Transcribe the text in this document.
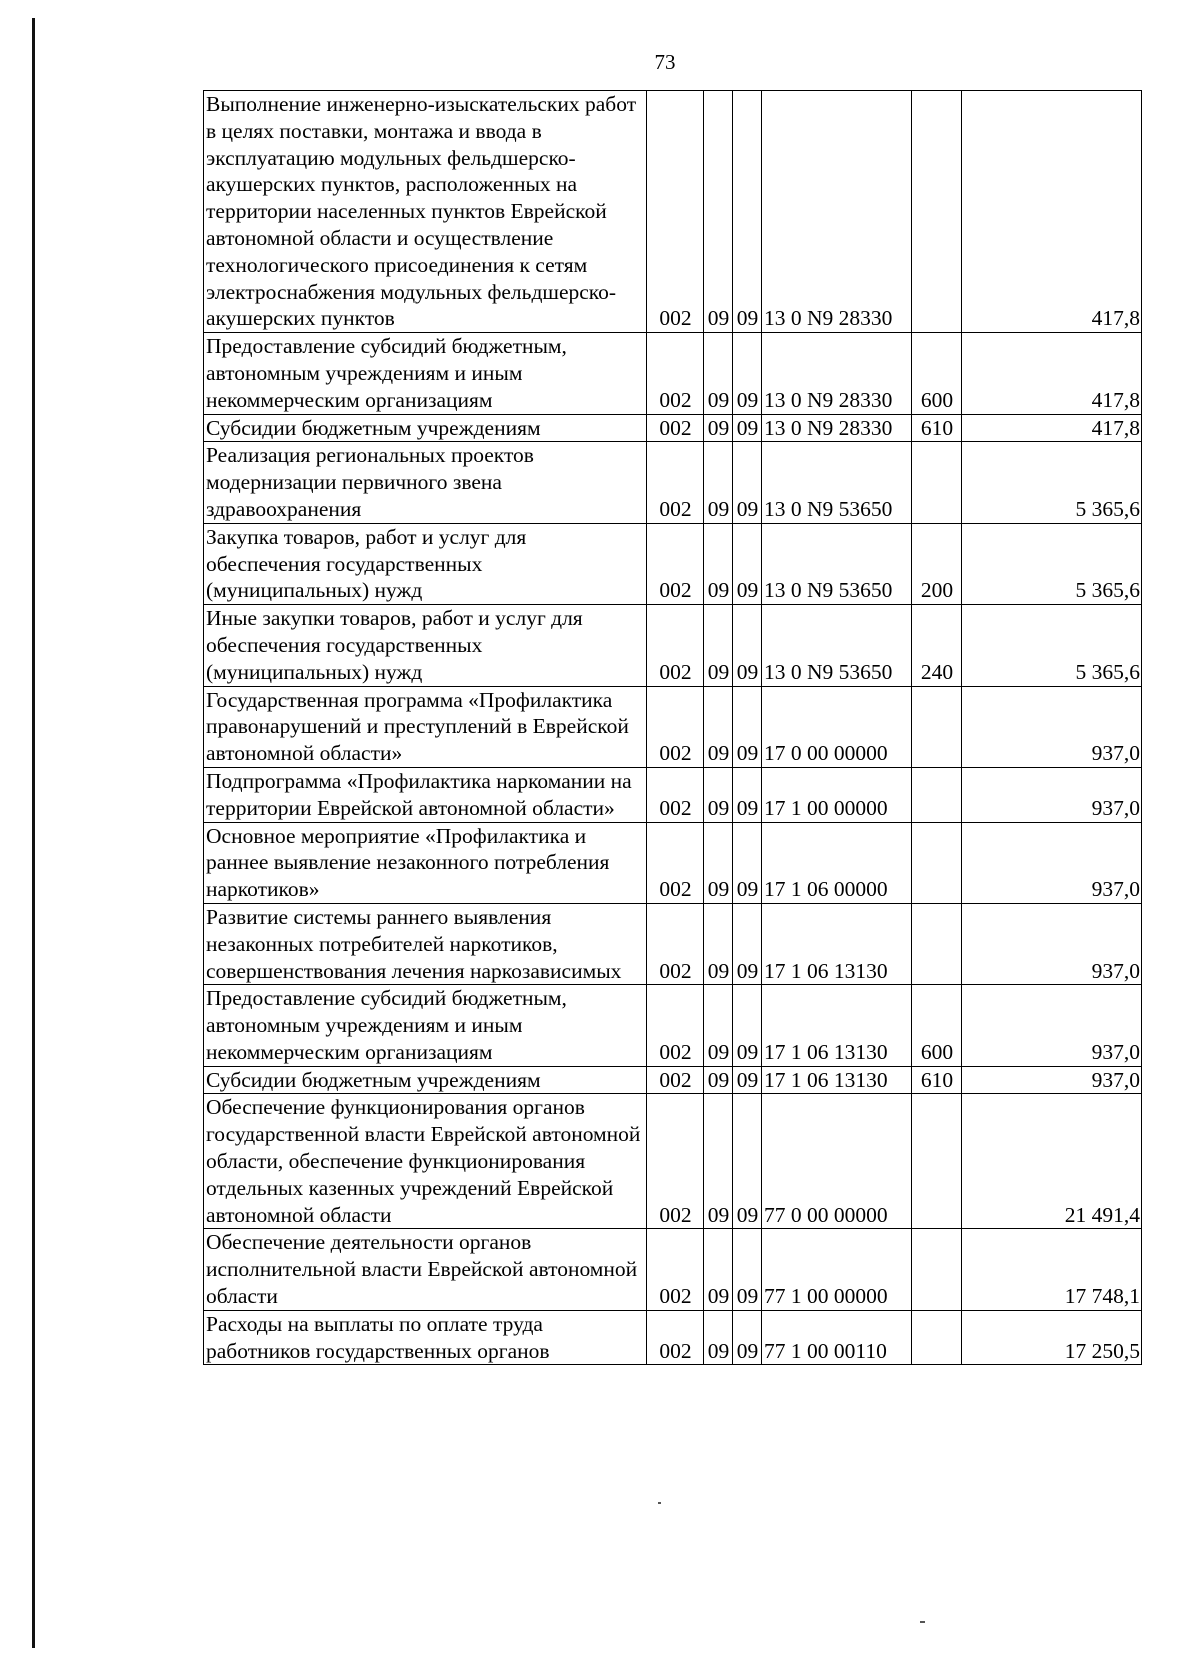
73
Выполнение инженерно-изыскательских работ в целях поставки, монтажа и ввода в эксплуатацию модульных фельдшерско-акушерских пунктов, расположенных на территории населенных пунктов Еврейской автономной области и осуществление технологического присоединения к сетям электроснабжения модульных фельдшерско-акушерских пунктов	002	09	09	13 0 N9 28330		417,8
Предоставление субсидий бюджетным, автономным учреждениям и иным некоммерческим организациям	002	09	09	13 0 N9 28330	600	417,8
Субсидии бюджетным учреждениям	002	09	09	13 0 N9 28330	610	417,8
Реализация региональных проектов модернизации первичного звена здравоохранения	002	09	09	13 0 N9 53650		5 365,6
Закупка товаров, работ и услуг для обеспечения государственных (муниципальных) нужд	002	09	09	13 0 N9 53650	200	5 365,6
Иные закупки товаров, работ и услуг для обеспечения государственных (муниципальных) нужд	002	09	09	13 0 N9 53650	240	5 365,6
Государственная программа «Профилактика правонарушений и преступлений в Еврейской автономной области»	002	09	09	17 0 00 00000		937,0
Подпрограмма «Профилактика наркомании на территории Еврейской автономной области»	002	09	09	17 1 00 00000		937,0
Основное мероприятие «Профилактика и раннее выявление незаконного потребления наркотиков»	002	09	09	17 1 06 00000		937,0
Развитие системы раннего выявления незаконных потребителей наркотиков, совершенствования лечения наркозависимых	002	09	09	17 1 06 13130		937,0
Предоставление субсидий бюджетным, автономным учреждениям и иным некоммерческим организациям	002	09	09	17 1 06 13130	600	937,0
Субсидии бюджетным учреждениям	002	09	09	17 1 06 13130	610	937,0
Обеспечение функционирования органов государственной власти Еврейской автономной области, обеспечение функционирования отдельных казенных учреждений Еврейской автономной области	002	09	09	77 0 00 00000		21 491,4
Обеспечение деятельности органов исполнительной власти Еврейской автономной области	002	09	09	77 1 00 00000		17 748,1
Расходы на выплаты по оплате труда работников государственных органов	002	09	09	77 1 00 00110		17 250,5
